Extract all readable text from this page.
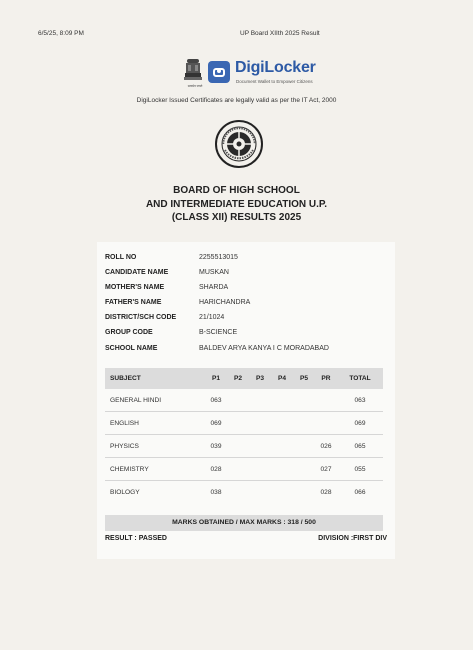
6/5/25, 8:09 PM	UP Board XIIth 2025 Result
सत्यमेव जयते
DigiLocker
Document Wallet to Empower Citizens
DigiLocker Issued Certificates are legally valid as per the IT Act, 2000
BOARD OF HIGH SCHOOL
AND INTERMEDIATE EDUCATION U.P.
(CLASS XII) RESULTS 2025
ROLL NO	2255513015
CANDIDATE NAME	MUSKAN
MOTHER'S NAME	SHARDA
FATHER'S NAME	HARICHANDRA
DISTRICT/SCH CODE	21/1024
GROUP CODE	B-SCIENCE
SCHOOL NAME	BALDEV ARYA KANYA I C MORADABAD
SUBJECT	P1	P2	P3	P4	P5	PR	TOTAL
GENERAL HINDI	063						063
ENGLISH	069						069
PHYSICS	039					026	065
CHEMISTRY	028					027	055
BIOLOGY	038					028	066
MARKS OBTAINED / MAX MARKS : 318 / 500
RESULT : PASSED	DIVISION :FIRST DIV
